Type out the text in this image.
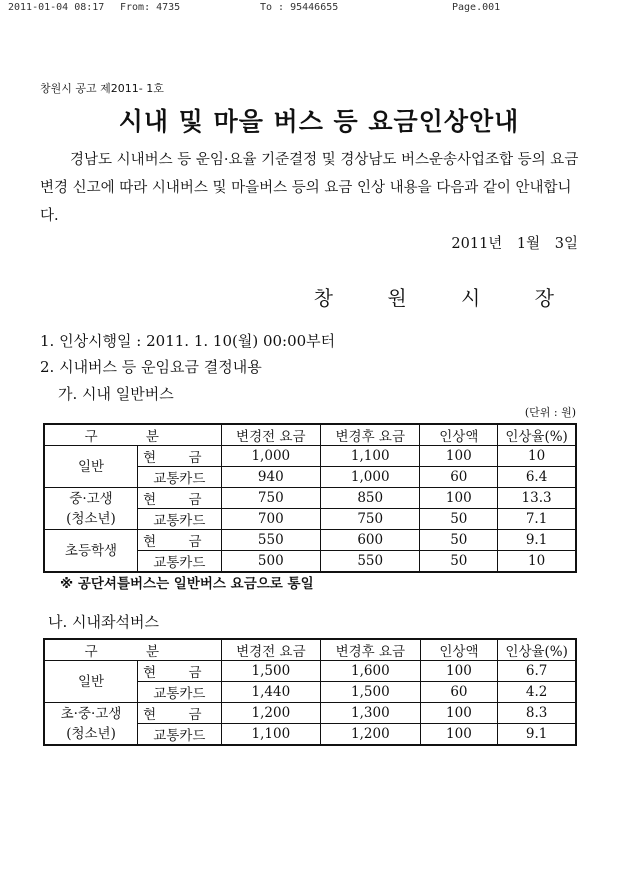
2011-01-04 08:17 From: 4735	To : 95446655	Page.001
창원시 공고 제2011- 1호
시내 및 마을 버스 등 요금인상안내
경남도 시내버스 등 운임·요율 기준결정 및 경상남도 버스운송사업조합 등의 요금 변경 신고에 따라 시내버스 및 마을버스 등의 요금 인상 내용을 다음과 같이 안내합니다.
2011년 1월 3일
창 원 시 장
1. 인상시행일 : 2011. 1. 10(월) 00:00부터
2. 시내버스 등 운임요금 결정내용
가. 시내 일반버스
(단위 : 원)
구 분		변경전 요금	변경후 요금	인상액	인상율(%)
일반	현 금	1,000	1,100	100	10
	교통카드	940	1,000	60	6.4
중·고생
(청소년)	현 금	750	850	100	13.3
	교통카드	700	750	50	7.1
초등학생	현 금	550	600	50	9.1
	교통카드	500	550	50	10
※ 공단셔틀버스는 일반버스 요금으로 통일
나. 시내좌석버스
구 분		변경전 요금	변경후 요금	인상액	인상율(%)
일반	현 금	1,500	1,600	100	6.7
	교통카드	1,440	1,500	60	4.2
초·중·고생
(청소년)	현 금	1,200	1,300	100	8.3
	교통카드	1,100	1,200	100	9.1
